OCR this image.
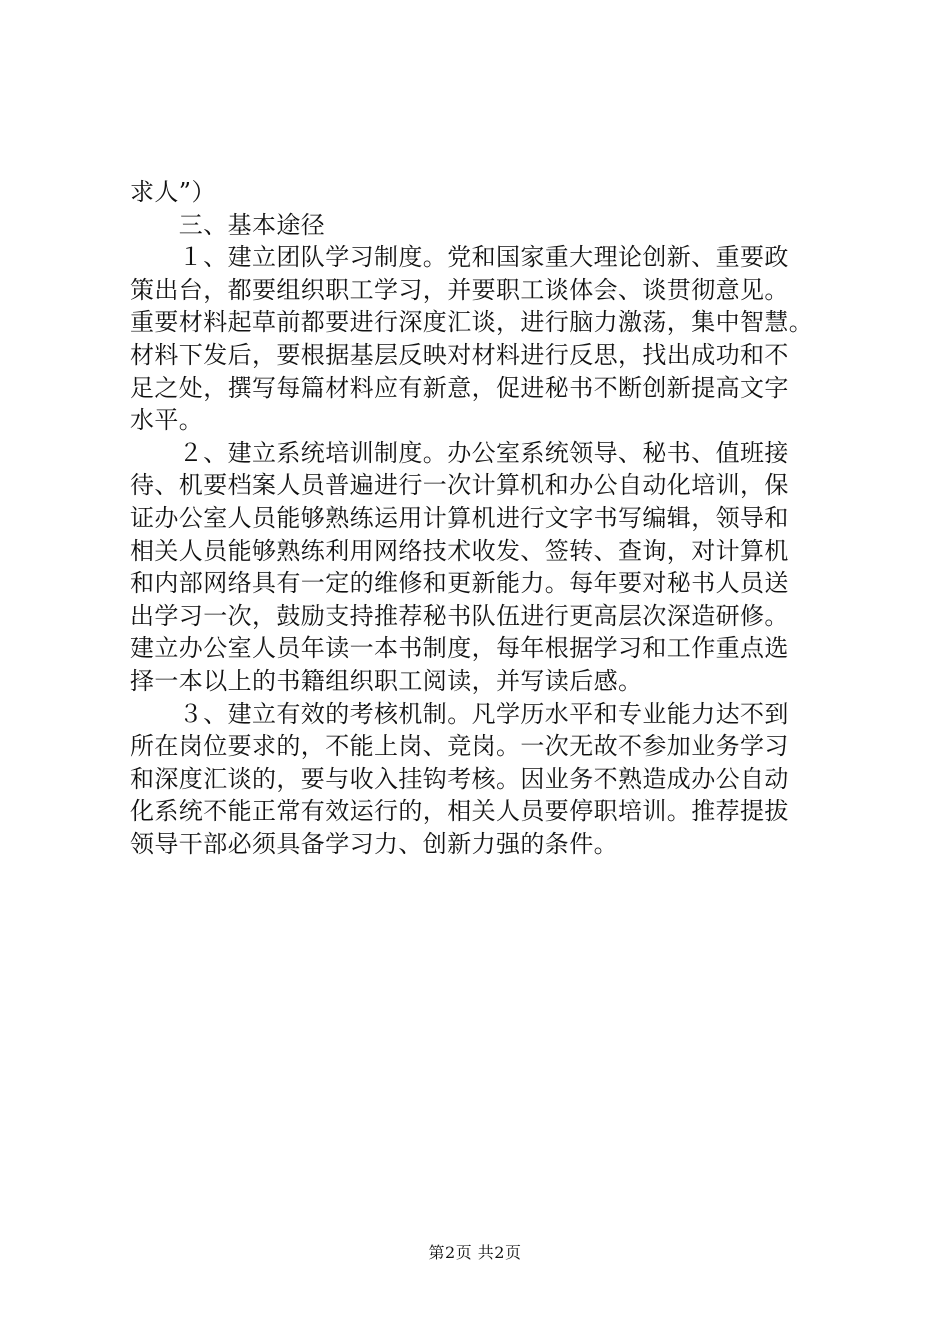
求人”）
　　三、基本途径
　　１、建立团队学习制度。党和国家重大理论创新、重要政
策出台，都要组织职工学习，并要职工谈体会、谈贯彻意见。
重要材料起草前都要进行深度汇谈，进行脑力激荡，集中智慧。
材料下发后，要根据基层反映对材料进行反思，找出成功和不
足之处，撰写每篇材料应有新意，促进秘书不断创新提高文字
水平。
　　２、建立系统培训制度。办公室系统领导、秘书、值班接
待、机要档案人员普遍进行一次计算机和办公自动化培训，保
证办公室人员能够熟练运用计算机进行文字书写编辑，领导和
相关人员能够熟练利用网络技术收发、签转、查询，对计算机
和内部网络具有一定的维修和更新能力。每年要对秘书人员送
出学习一次，鼓励支持推荐秘书队伍进行更高层次深造研修。
建立办公室人员年读一本书制度，每年根据学习和工作重点选
择一本以上的书籍组织职工阅读，并写读后感。
　　３、建立有效的考核机制。凡学历水平和专业能力达不到
所在岗位要求的，不能上岗、竞岗。一次无故不参加业务学习
和深度汇谈的，要与收入挂钩考核。因业务不熟造成办公自动
化系统不能正常有效运行的，相关人员要停职培训。推荐提拔
领导干部必须具备学习力、创新力强的条件。
第2页 共2页
